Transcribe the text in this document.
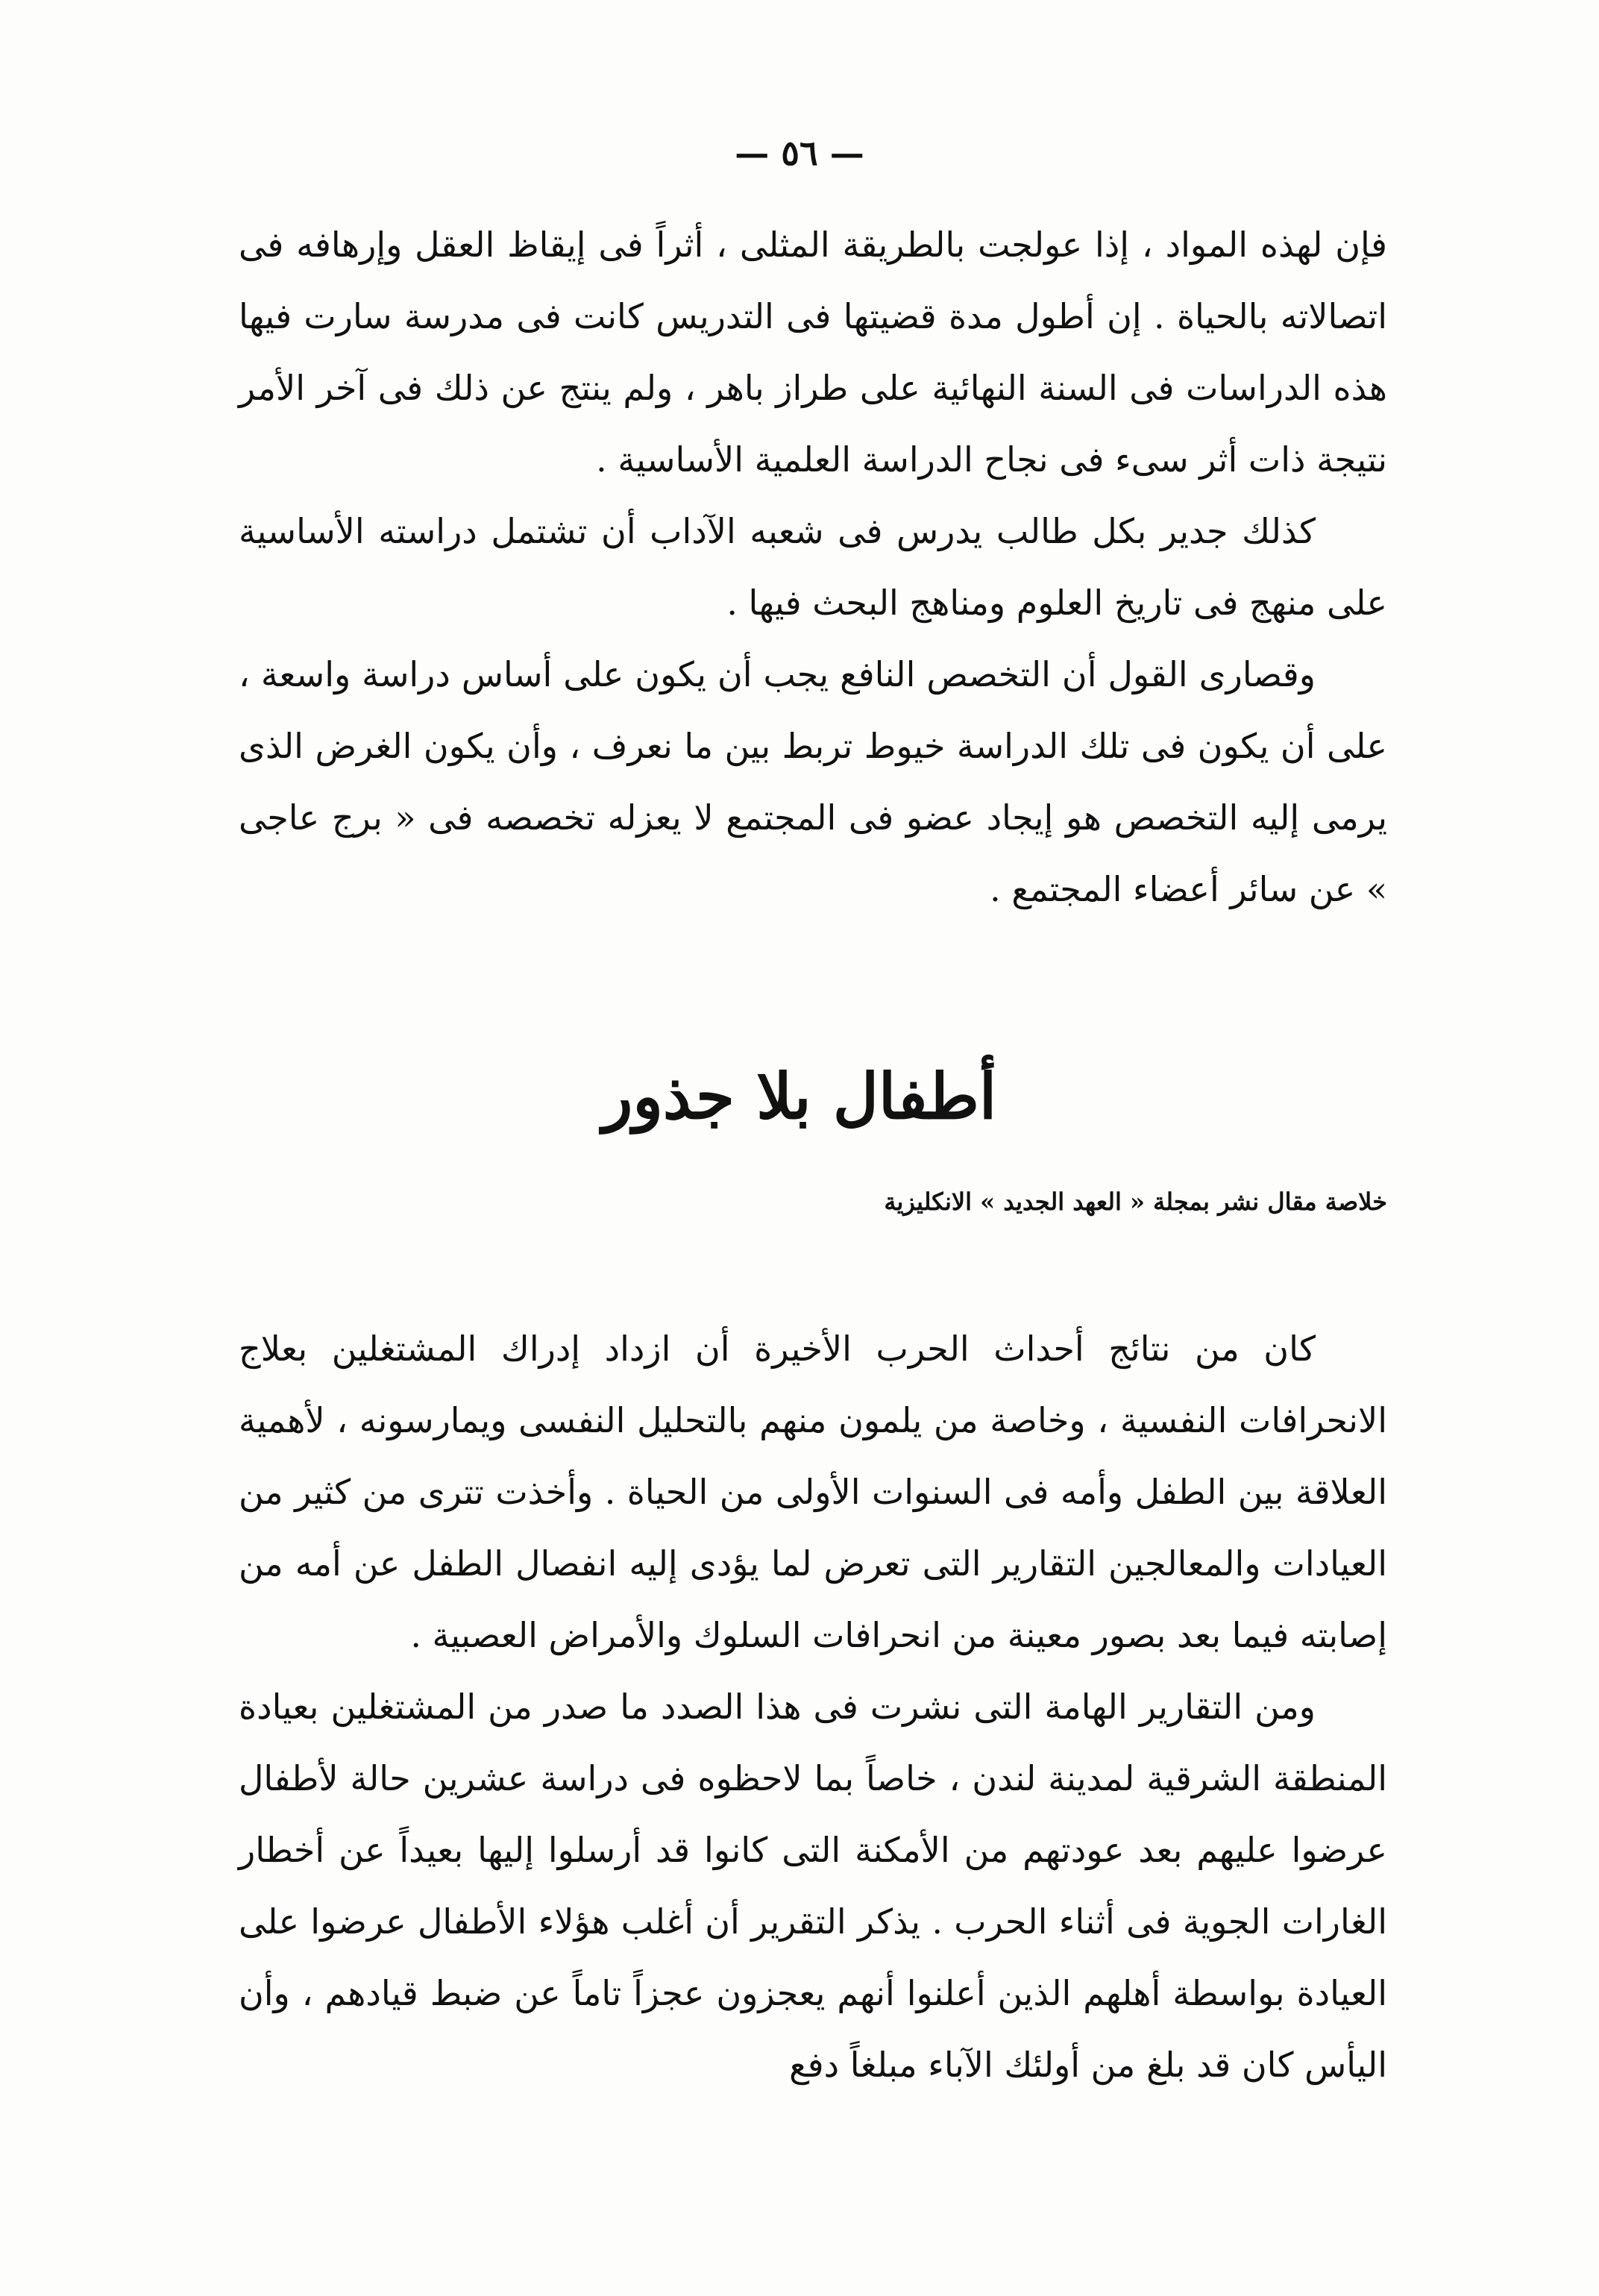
— ٥٦ —

فإن لهذه المواد ، إذا عولجت بالطريقة المثلى ، أثراً فى إيقاظ العقل وإرهافه فى اتصالاته بالحياة . إن أطول مدة قضيتها فى التدريس كانت فى مدرسة سارت فيها هذه الدراسات فى السنة النهائية على طراز باهر ، ولم ينتج عن ذلك فى آخر الأمر نتيجة ذات أثر سىء فى نجاح الدراسة العلمية الأساسية .

كذلك جدير بكل طالب يدرس فى شعبه الآداب أن تشتمل دراسته الأساسية على منهج فى تاريخ العلوم ومناهج البحث فيها .

وقصارى القول أن التخصص النافع يجب أن يكون على أساس دراسة واسعة ، على أن يكون فى تلك الدراسة خيوط تربط بين ما نعرف ، وأن يكون الغرض الذى يرمى إليه التخصص هو إيجاد عضو فى المجتمع لا يعزله تخصصه فى « برج عاجى » عن سائر أعضاء المجتمع .

أطفال بلا جذور
خلاصة مقال نشر بمجلة « العهد الجديد » الانكليزية

كان من نتائج أحداث الحرب الأخيرة أن ازداد إدراك المشتغلين بعلاج الانحرافات النفسية ، وخاصة من يلمون منهم بالتحليل النفسى ويمارسونه ، لأهمية العلاقة بين الطفل وأمه فى السنوات الأولى من الحياة . وأخذت تترى من كثير من العيادات والمعالجين التقارير التى تعرض لما يؤدى إليه انفصال الطفل عن أمه من إصابته فيما بعد بصور معينة من انحرافات السلوك والأمراض العصبية .

ومن التقارير الهامة التى نشرت فى هذا الصدد ما صدر من المشتغلين بعيادة المنطقة الشرقية لمدينة لندن ، خاصاً بما لاحظوه فى دراسة عشرين حالة لأطفال عرضوا عليهم بعد عودتهم من الأمكنة التى كانوا قد أرسلوا إليها بعيداً عن أخطار الغارات الجوية فى أثناء الحرب . يذكر التقرير أن أغلب هؤلاء الأطفال عرضوا على العيادة بواسطة أهلهم الذين أعلنوا أنهم يعجزون عجزاً تاماً عن ضبط قيادهم ، وأن اليأس كان قد بلغ من أولئك الآباء مبلغاً دفع
